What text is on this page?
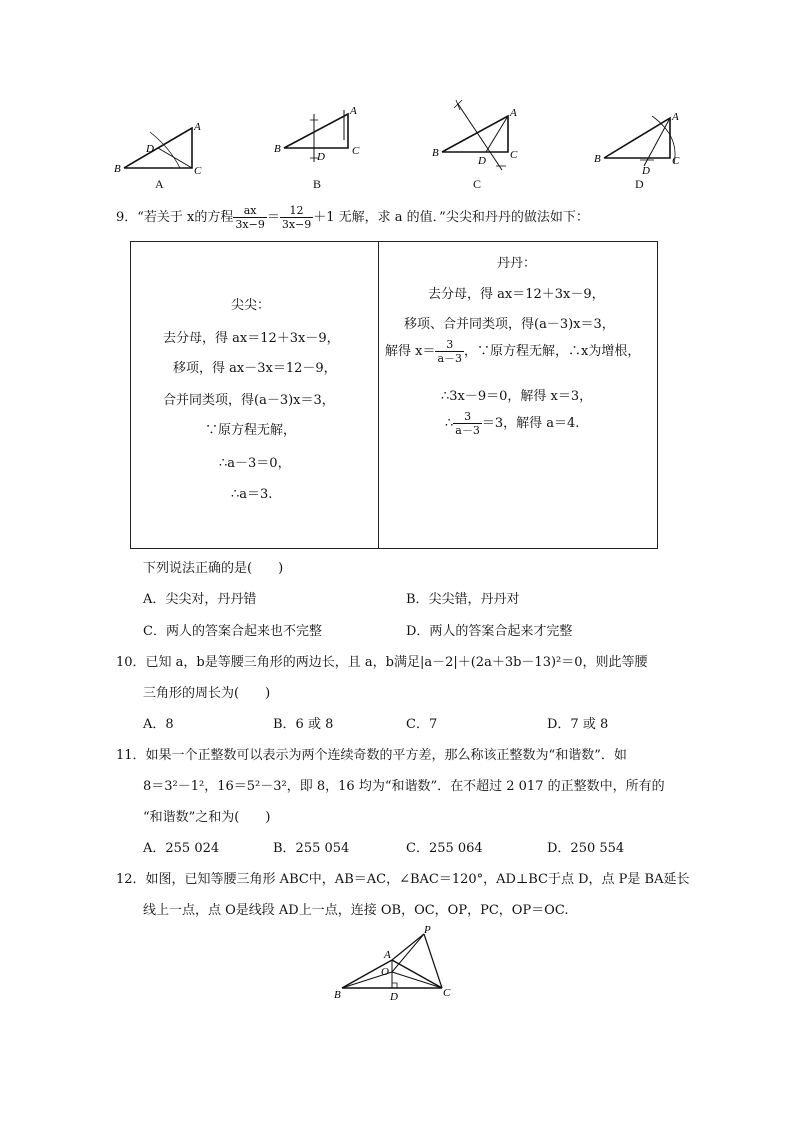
A
B	C
D
A
A
B	C
D
B
A
B	C
D
C
A
B	C
D
D
9．“若关于 x的方程 $\frac{ax}{3x-9} = \frac{12}{3x-9} +1$ 无解，求 a 的值．”尖尖和丹丹的做法如下：
尖尖：
去分母，得 ax＝12＋3x－9，
移项，得 ax－3x＝12－9，
合并同类项，得(a－3)x＝3，
∵原方程无解，
∴a－3＝0，
∴a＝3.
丹丹：
去分母，得 ax＝12＋3x－9，
移项、合并同类项，得(a－3)x＝3，
解得 $x= \frac{3}{a-3}$ ，∵原方程无解，∴x为增根，
∴3x－9＝0，解得 x＝3，
∴ $\frac{3}{a-3} =3$，解得 a＝4.
下列说法正确的是(　　)
A．尖尖对，丹丹错	B．尖尖错，丹丹对
C．两人的答案合起来也不完整	D．两人的答案合起来才完整
10．已知 a，b是等腰三角形的两边长，且 a，b满足|a－2|＋(2a＋3b－13)²＝0，则此等腰
三角形的周长为(　　)
A．8	B．6 或 8	C．7	D．7 或 8
11．如果一个正整数可以表示为两个连续奇数的平方差，那么称该正整数为“和谐数”．如
8＝3²－1²，16＝5²－3²，即 8，16 均为“和谐数”．在不超过 2 017 的正整数中，所有的
“和谐数”之和为(　　)
A．255 024	B．255 054	C．255 064	D．250 554
12．如图，已知等腰三角形 ABC中，AB＝AC，∠BAC＝120°，AD⊥BC于点 D，点 P是 BA延长
线上一点，点 O是线段 AD上一点，连接 OB，OC，OP，PC，OP＝OC.
P
A
O
B	D	C
